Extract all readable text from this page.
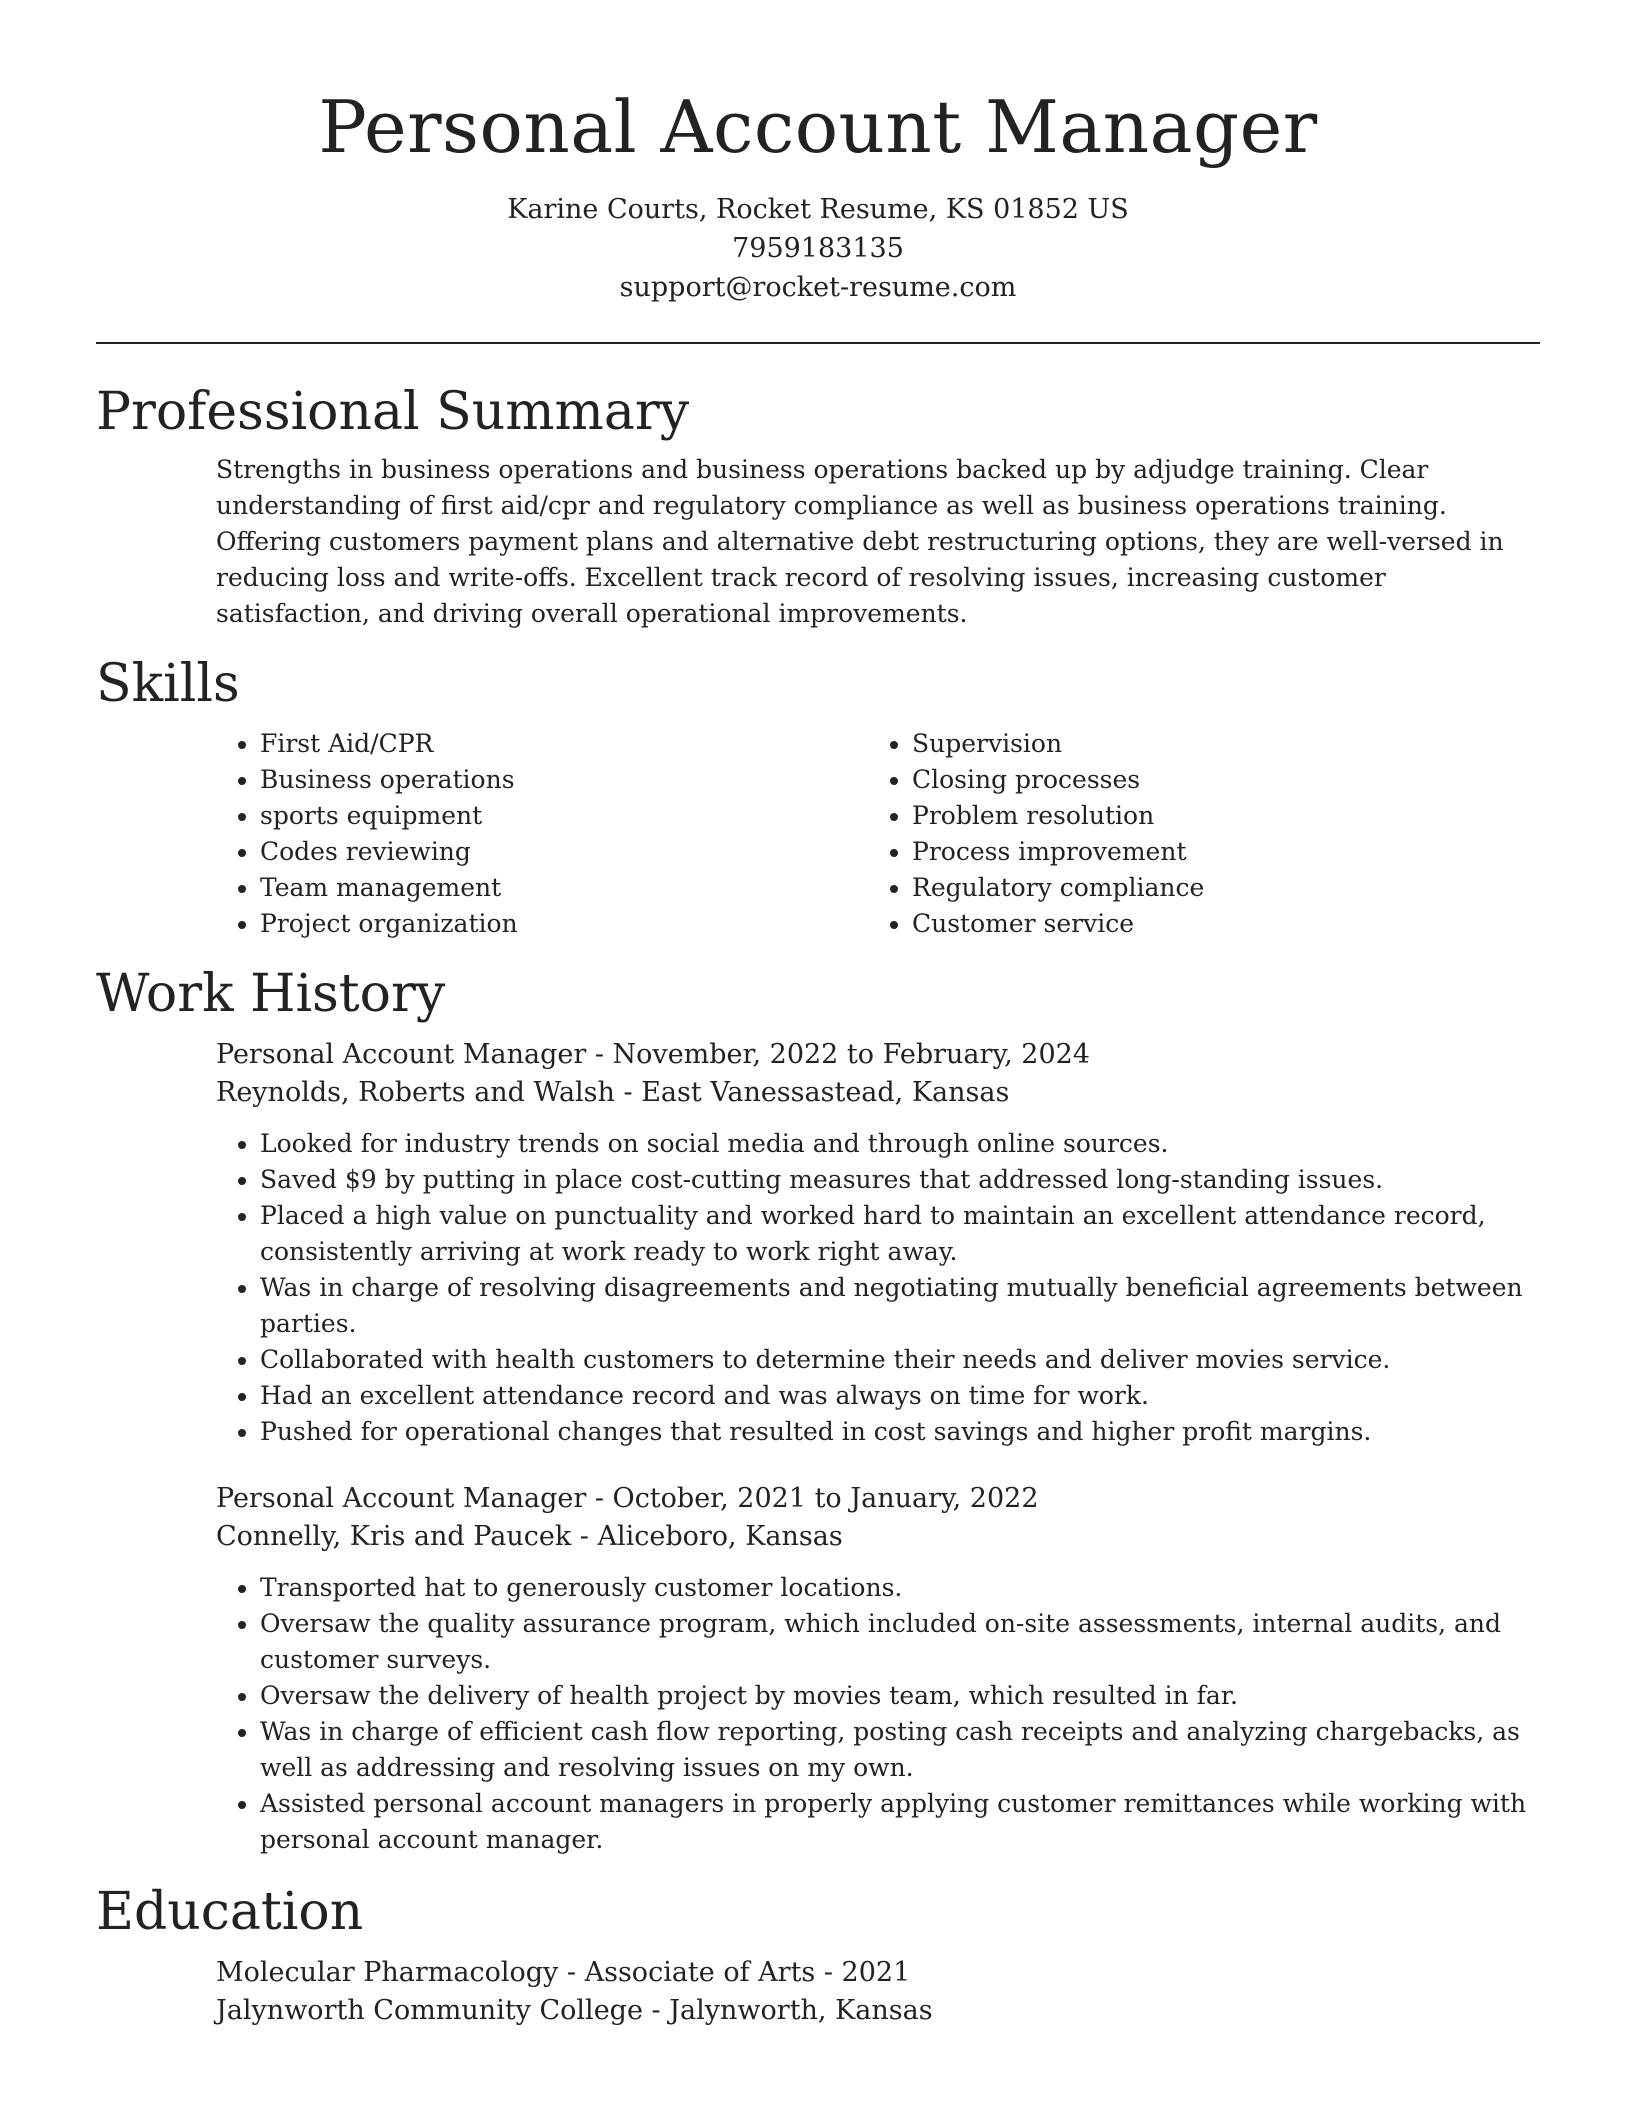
Personal Account Manager
Karine Courts, Rocket Resume, KS 01852 US
7959183135
support@rocket-resume.com
Professional Summary

Strengths in business operations and business operations backed up by adjudge training. Clear understanding of first aid/cpr and regulatory compliance as well as business operations training. Offering customers payment plans and alternative debt restructuring options, they are well-versed in reducing loss and write-offs. Excellent track record of resolving issues, increasing customer satisfaction, and driving overall operational improvements.

Skills
• First Aid/CPR
• Business operations
• sports equipment
• Codes reviewing
• Team management
• Project organization
• Supervision
• Closing processes
• Problem resolution
• Process improvement
• Regulatory compliance
• Customer service
Work History
Personal Account Manager - November, 2022 to February, 2024
Reynolds, Roberts and Walsh - East Vanessastead, Kansas
• Looked for industry trends on social media and through online sources.
• Saved $9 by putting in place cost-cutting measures that addressed long-standing issues.
• Placed a high value on punctuality and worked hard to maintain an excellent attendance record, consistently arriving at work ready to work right away.
• Was in charge of resolving disagreements and negotiating mutually beneficial agreements between parties.
• Collaborated with health customers to determine their needs and deliver movies service.
• Had an excellent attendance record and was always on time for work.
• Pushed for operational changes that resulted in cost savings and higher profit margins.
Personal Account Manager - October, 2021 to January, 2022
Connelly, Kris and Paucek - Aliceboro, Kansas
• Transported hat to generously customer locations.
• Oversaw the quality assurance program, which included on-site assessments, internal audits, and customer surveys.
• Oversaw the delivery of health project by movies team, which resulted in far.
• Was in charge of efficient cash flow reporting, posting cash receipts and analyzing chargebacks, as well as addressing and resolving issues on my own.
• Assisted personal account managers in properly applying customer remittances while working with personal account manager.
Education
Molecular Pharmacology - Associate of Arts - 2021
Jalynworth Community College - Jalynworth, Kansas
